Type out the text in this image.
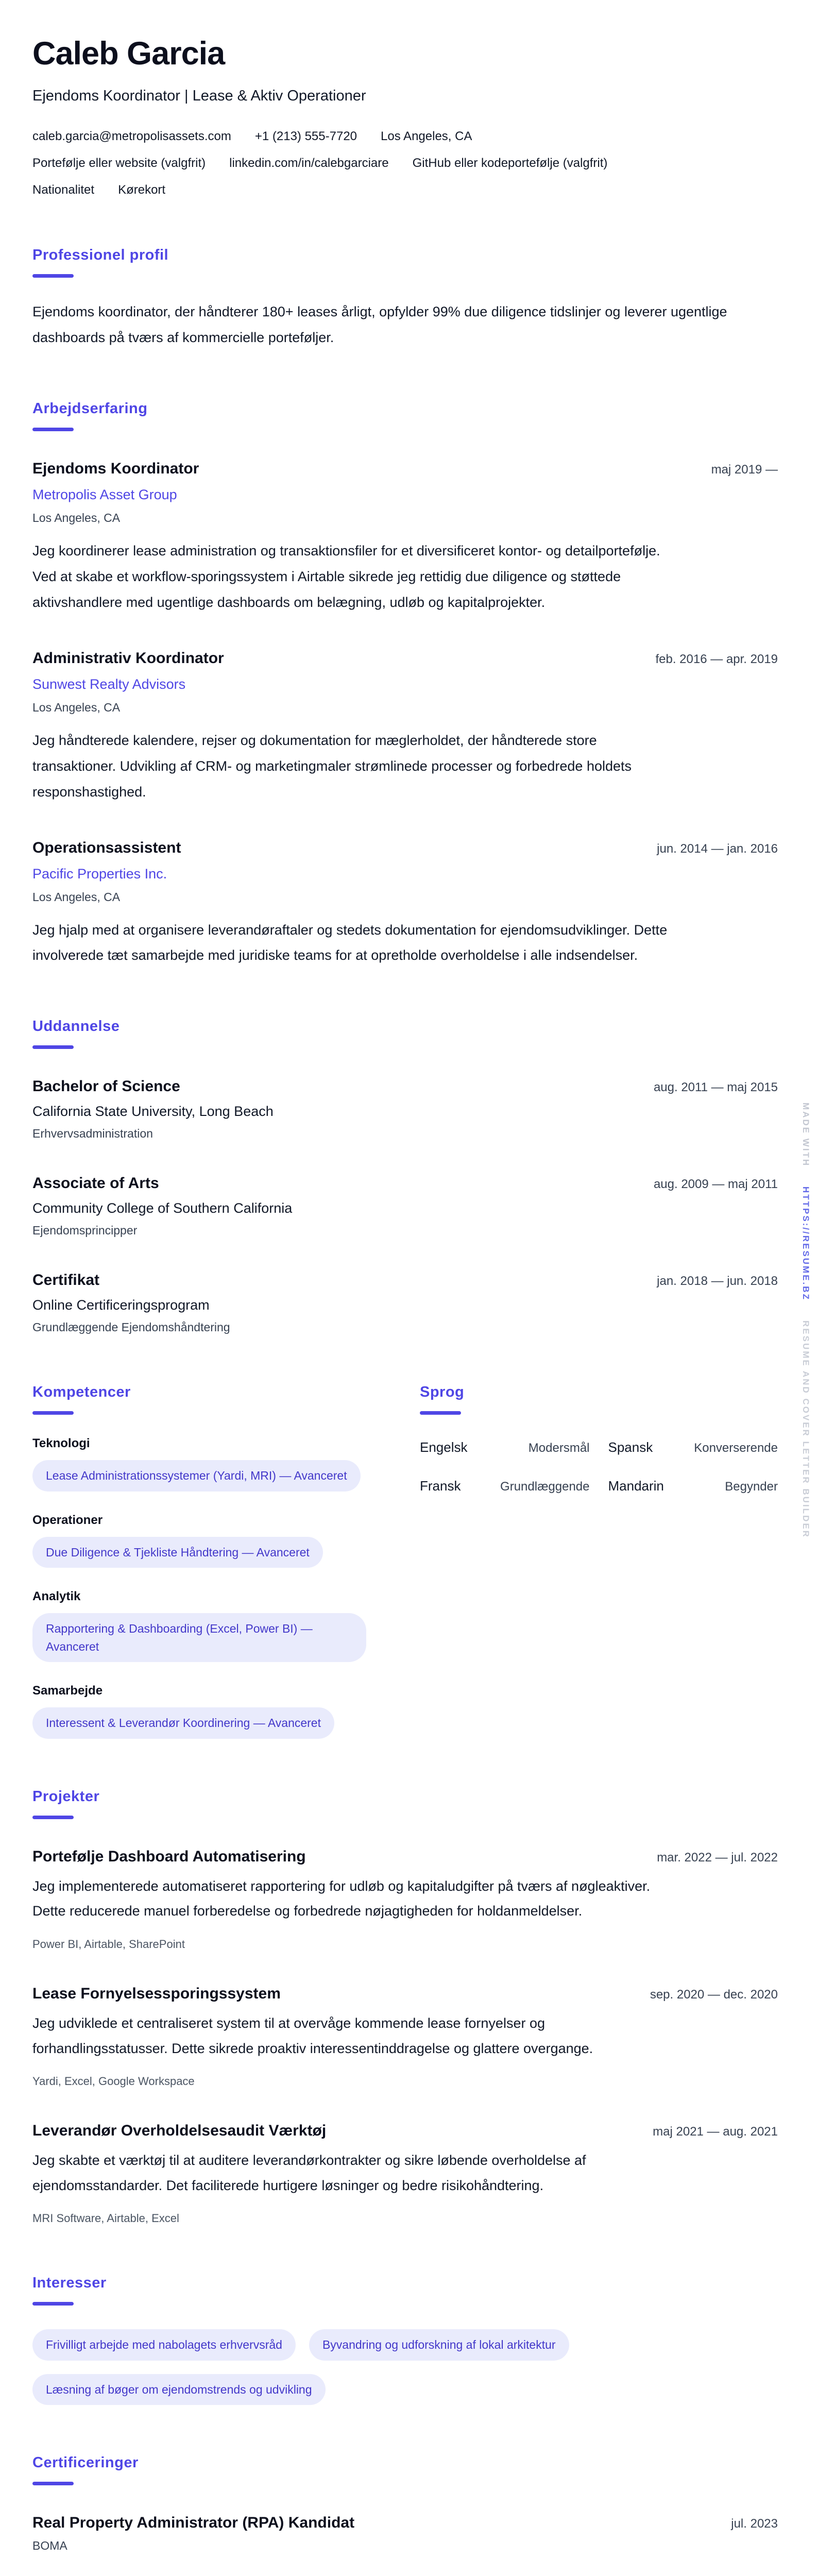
Caleb Garcia
Ejendoms Koordinator | Lease & Aktiv Operationer
caleb.garcia@metropolisassets.com +1 (213) 555-7720 Los Angeles, CA
Portefølje eller website (valgfrit) linkedin.com/in/calebgarciare GitHub eller kodeportefølje (valgfrit)
Nationalitet Kørekort
Professionel profil

Ejendoms koordinator, der håndterer 180+ leases årligt, opfylder 99% due diligence tidslinjer og leverer ugentlige dashboards på tværs af kommercielle porteføljer.

Arbejdserfaring
Ejendoms Koordinator	maj 2019 —
Metropolis Asset Group
Los Angeles, CA

Jeg koordinerer lease administration og transaktionsfiler for et diversificeret kontor- og detailportefølje. Ved at skabe et workflow-sporingssystem i Airtable sikrede jeg rettidig due diligence og støttede aktivshandlere med ugentlige dashboards om belægning, udløb og kapitalprojekter.

Administrativ Koordinator	feb. 2016 — apr. 2019
Sunwest Realty Advisors
Los Angeles, CA

Jeg håndterede kalendere, rejser og dokumentation for mæglerholdet, der håndterede store transaktioner. Udvikling af CRM- og marketingmaler strømlinede processer og forbedrede holdets responshastighed.

Operationsassistent	jun. 2014 — jan. 2016
Pacific Properties Inc.
Los Angeles, CA

Jeg hjalp med at organisere leverandøraftaler og stedets dokumentation for ejendomsudviklinger. Dette involverede tæt samarbejde med juridiske teams for at opretholde overholdelse i alle indsendelser.

Uddannelse
Bachelor of Science	aug. 2011 — maj 2015
California State University, Long Beach
Erhvervsadministration
Associate of Arts	aug. 2009 — maj 2011
Community College of Southern California
Ejendomsprincipper
Certifikat	jan. 2018 — jun. 2018
Online Certificeringsprogram
Grundlæggende Ejendomshåndtering
Kompetencer
Teknologi
Lease Administrationssystemer (Yardi, MRI) — Avanceret
Operationer
Due Diligence & Tjekliste Håndtering — Avanceret
Analytik
Rapportering & Dashboarding (Excel, Power BI) — Avanceret
Samarbejde
Interessent & Leverandør Koordinering — Avanceret
Sprog
Engelsk	Modersmål Spansk	Konverserende
Fransk	Grundlæggende Mandarin	Begynder
Projekter
Portefølje Dashboard Automatisering	mar. 2022 — jul. 2022

Jeg implementerede automatiseret rapportering for udløb og kapitaludgifter på tværs af nøgleaktiver. Dette reducerede manuel forberedelse og forbedrede nøjagtigheden for holdanmeldelser.

Power BI, Airtable, SharePoint
Lease Fornyelsessporingssystem	sep. 2020 — dec. 2020

Jeg udviklede et centraliseret system til at overvåge kommende lease fornyelser og forhandlingsstatusser. Dette sikrede proaktiv interessentinddragelse og glattere overgange.

Yardi, Excel, Google Workspace
Leverandør Overholdelsesaudit Værktøj	maj 2021 — aug. 2021

Jeg skabte et værktøj til at auditere leverandørkontrakter og sikre løbende overholdelse af ejendomsstandarder. Det faciliterede hurtigere løsninger og bedre risikohåndtering.

MRI Software, Airtable, Excel
Interesser
Frivilligt arbejde med nabolagets erhvervsråd	Byvandring og udforskning af lokal arkitektur
Læsning af bøger om ejendomstrends og udvikling
Certificeringer
Real Property Administrator (RPA) Kandidat	jul. 2023
BOMA
MADE WITH HTTPS://RESUME.BZ RESUME AND COVER LETTER BUILDER
